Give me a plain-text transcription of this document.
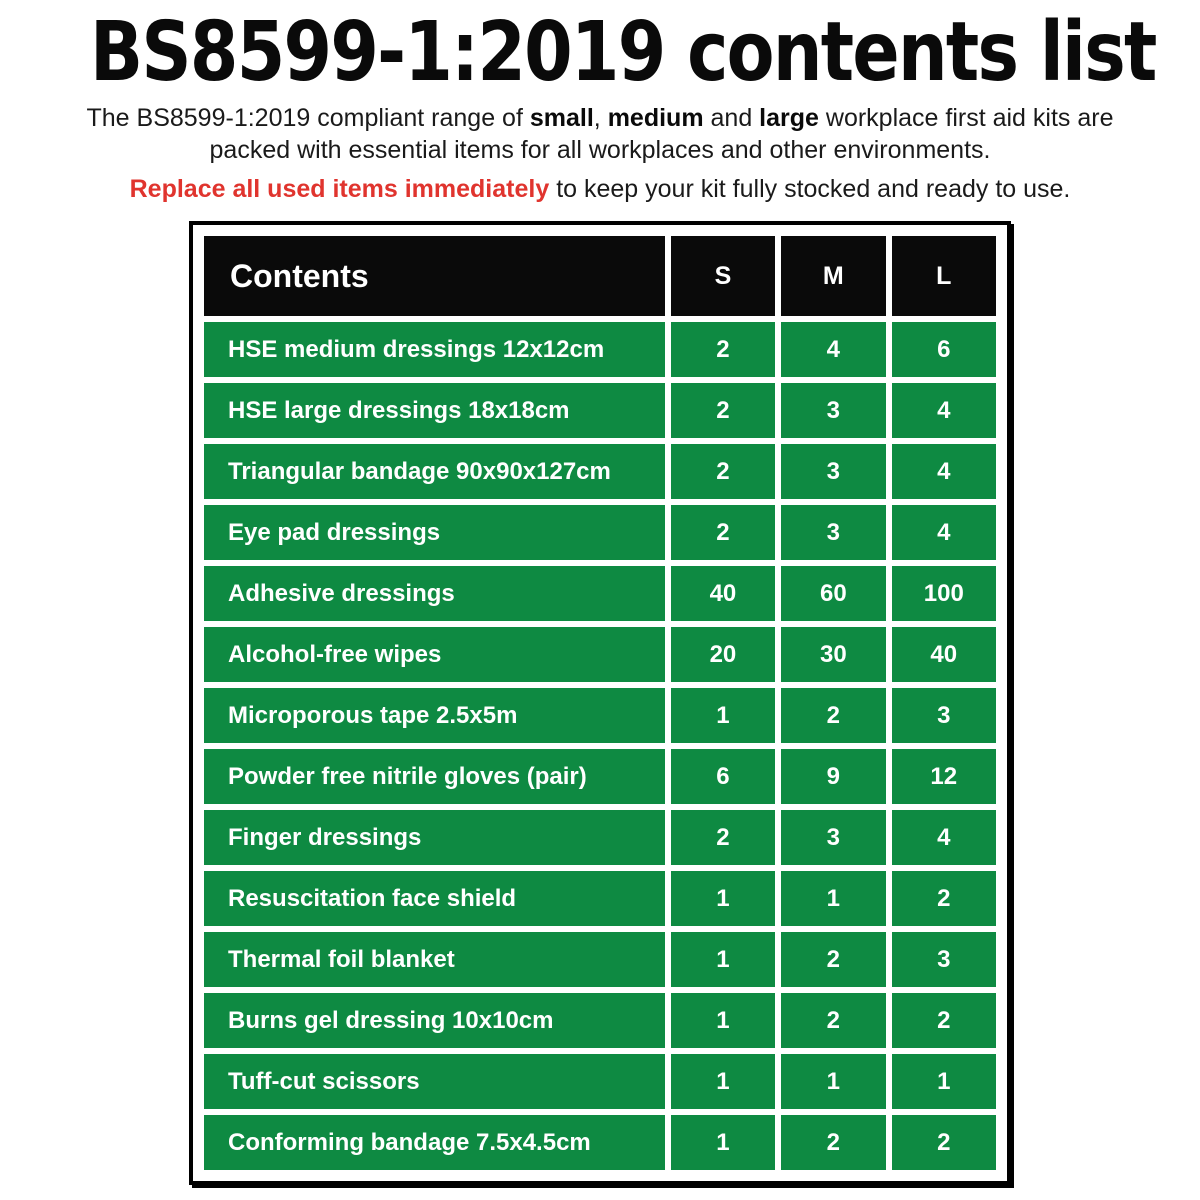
BS8599-1:2019 contents list

The BS8599-1:2019 compliant range of small, medium and large workplace first aid kits are packed with essential items for all workplaces and other environments.

Replace all used items immediately to keep your kit fully stocked and ready to use.

Contents	S	M	L
HSE medium dressings 12x12cm	2	4	6
HSE large dressings 18x18cm	2	3	4
Triangular bandage 90x90x127cm	2	3	4
Eye pad dressings	2	3	4
Adhesive dressings	40	60	100
Alcohol-free wipes	20	30	40
Microporous tape 2.5x5m	1	2	3
Powder free nitrile gloves (pair)	6	9	12
Finger dressings	2	3	4
Resuscitation face shield	1	1	2
Thermal foil blanket	1	2	3
Burns gel dressing 10x10cm	1	2	2
Tuff-cut scissors	1	1	1
Conforming bandage 7.5x4.5cm	1	2	2
